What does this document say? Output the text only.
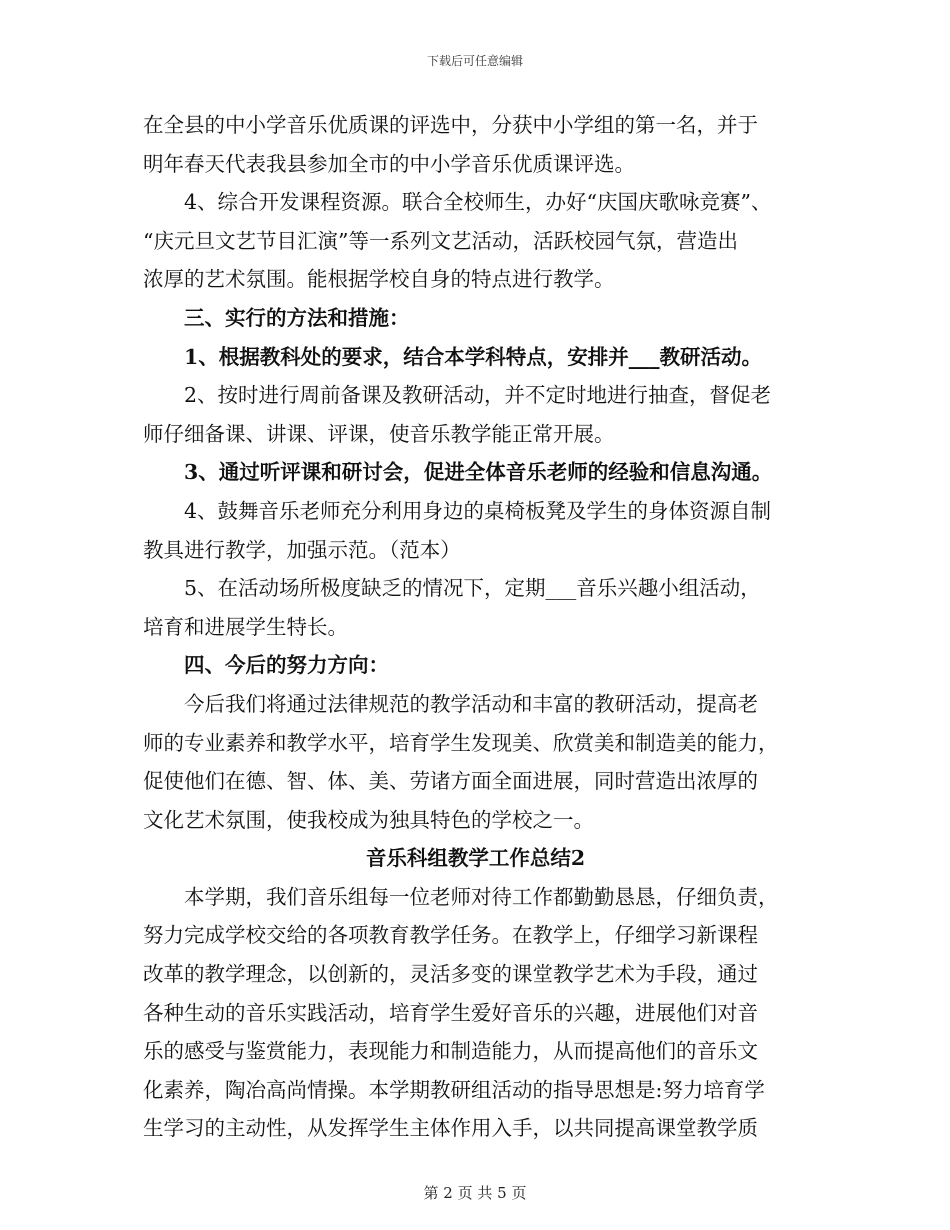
下载后可任意编辑
在全县的中小学音乐优质课的评选中，分获中小学组的第一名，并于
明年春天代表我县参加全市的中小学音乐优质课评选。
4、综合开发课程资源。联合全校师生，办好“庆国庆歌咏竞赛”、
“庆元旦文艺节目汇演”等一系列文艺活动，活跃校园气氛，营造出
浓厚的艺术氛围。能根据学校自身的特点进行教学。
三、实行的方法和措施：
1、根据教科处的要求，结合本学科特点，安排并___教研活动。
2、按时进行周前备课及教研活动，并不定时地进行抽查，督促老
师仔细备课、讲课、评课，使音乐教学能正常开展。
3、通过听评课和研讨会，促进全体音乐老师的经验和信息沟通。
4、鼓舞音乐老师充分利用身边的桌椅板凳及学生的身体资源自制
教具进行教学，加强示范。（范本）
5、在活动场所极度缺乏的情况下，定期___音乐兴趣小组活动，
培育和进展学生特长。
四、今后的努力方向：
今后我们将通过法律规范的教学活动和丰富的教研活动，提高老
师的专业素养和教学水平，培育学生发现美、欣赏美和制造美的能力，
促使他们在德、智、体、美、劳诸方面全面进展，同时营造出浓厚的
文化艺术氛围，使我校成为独具特色的学校之一。
音乐科组教学工作总结2
本学期，我们音乐组每一位老师对待工作都勤勤恳恳，仔细负责，
努力完成学校交给的各项教育教学任务。在教学上，仔细学习新课程
改革的教学理念，以创新的，灵活多变的课堂教学艺术为手段，通过
各种生动的音乐实践活动，培育学生爱好音乐的兴趣，进展他们对音
乐的感受与鉴赏能力，表现能力和制造能力，从而提高他们的音乐文
化素养，陶冶高尚情操。本学期教研组活动的指导思想是:努力培育学
生学习的主动性，从发挥学生主体作用入手，以共同提高课堂教学质
第 2 页 共 5 页
